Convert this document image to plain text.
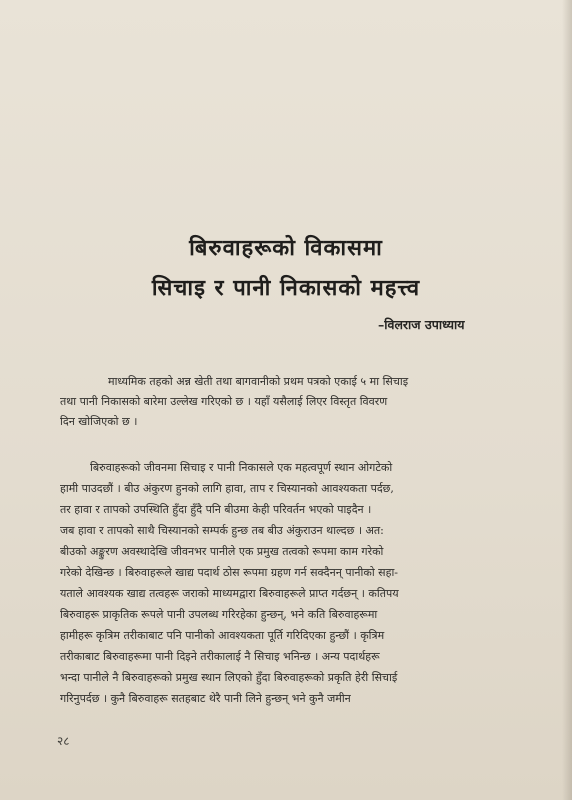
बिरुवाहरूको विकासमा
सिचाइ र पानी निकासको महत्त्व
–विलराज उपाध्याय
माध्यमिक तहको अन्न खेती तथा बागवानीको प्रथम पत्रको एकाई ५ मा सिचाइ
तथा पानी निकासको बारेमा उल्लेख गरिएको छ । यहाँ यसैलाई लिएर विस्तृत विवरण
दिन खोजिएको छ ।
बिरुवाहरूको जीवनमा सिचाइ र पानी निकासले एक महत्वपूर्ण स्थान ओगटेको
हामी पाउदछौं । बीउ अंकुरण हुनको लागि हावा, ताप र चिस्यानको आवश्यकता पर्दछ,
तर हावा र तापको उपस्थिति हुँदा हुँदै पनि बीउमा केही परिवर्तन भएको पाइदैन ।
जब हावा र तापको साथै चिस्यानको सम्पर्क हुन्छ तब बीउ अंकुराउन थाल्दछ । अत:
बीउको अङ्कुरण अवस्थादेखि जीवनभर पानीले एक प्रमुख तत्वको रूपमा काम गरेको
गरेको देखिन्छ । बिरुवाहरूले खाद्य पदार्थ ठोस रूपमा ग्रहण गर्न सक्दैनन् पानीको सहा-
यताले आवश्यक खाद्य तत्वहरू जराको माध्यमद्वारा बिरुवाहरूले प्राप्त गर्दछन् । कतिपय
बिरुवाहरू प्राकृतिक रूपले पानी उपलब्ध गरिरहेका हुन्छन्, भने कति बिरुवाहरूमा
हामीहरू कृत्रिम तरीकाबाट पनि पानीको आवश्यकता पूर्ति गरिदिएका हुन्छौं । कृत्रिम
तरीकाबाट बिरुवाहरूमा पानी दिइने तरीकालाई नै सिचाइ भनिन्छ । अन्य पदार्थहरू
भन्दा पानीले नै बिरुवाहरूको प्रमुख स्थान लिएको हुँदा बिरुवाहरूको प्रकृति हेरी सिचाई
गरिनुपर्दछ । कुनै बिरुवाहरू सतहबाट थेरै पानी लिने हुन्छन् भने कुनै जमीन
२८
